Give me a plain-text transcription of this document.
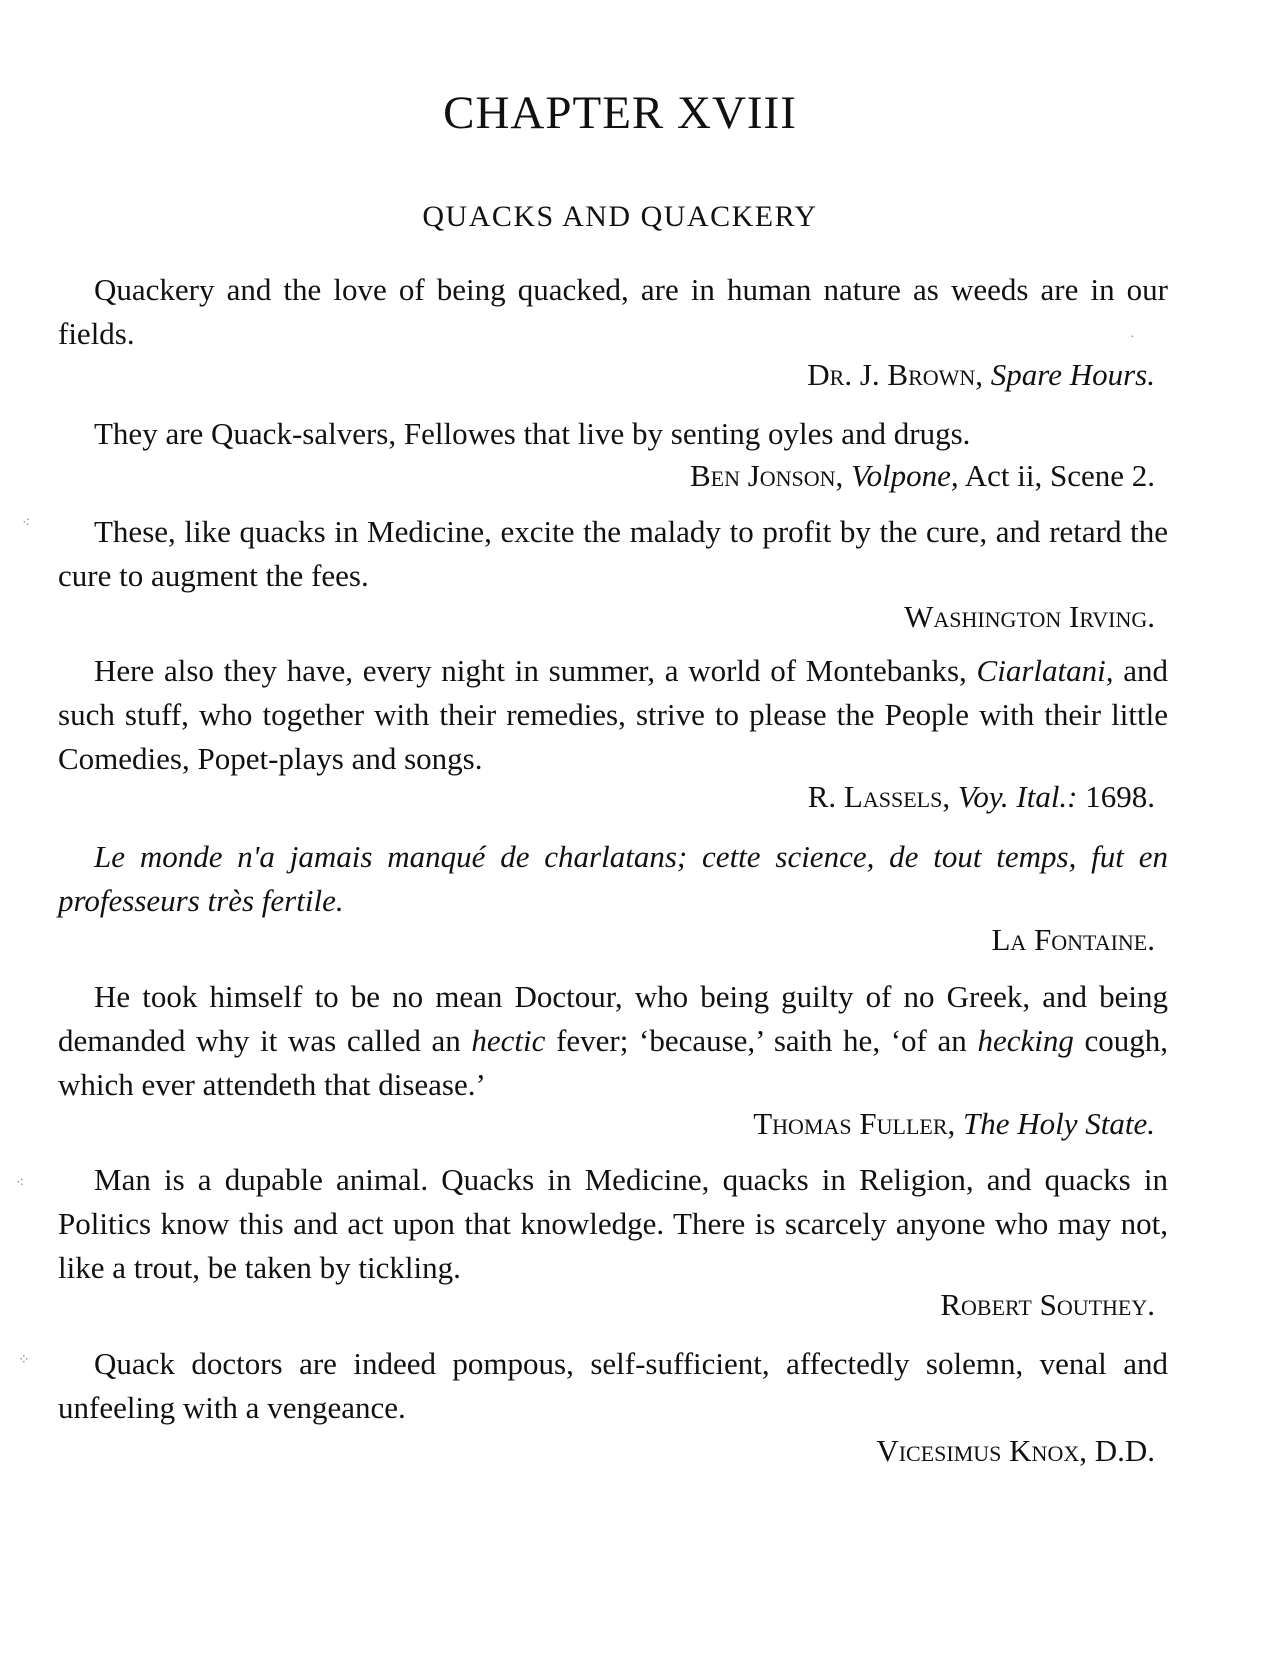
CHAPTER XVIII
QUACKS AND QUACKERY

Quackery and the love of being quacked, are in human nature as weeds are in our fields.

Dr. J. Brown, Spare Hours.

They are Quack-salvers, Fellowes that live by senting oyles and drugs.

Ben Jonson, Volpone, Act ii, Scene 2.

These, like quacks in Medicine, excite the malady to profit by the cure, and retard the cure to augment the fees.

Washington Irving.

Here also they have, every night in summer, a world of Montebanks, Ciarlatani, and such stuff, who together with their remedies, strive to please the People with their little Comedies, Popet-plays and songs.

R. Lassels, Voy. Ital.: 1698.

Le monde n'a jamais manqué de charlatans; cette science, de tout temps, fut en professeurs très fertile.

La Fontaine.

He took himself to be no mean Doctour, who being guilty of no Greek, and being demanded why it was called an hectic fever; ‘because,’ saith he, ‘of an hecking cough, which ever attendeth that disease.’

Thomas Fuller, The Holy State.

Man is a dupable animal. Quacks in Medicine, quacks in Religion, and quacks in Politics know this and act upon that knowledge. There is scarcely anyone who may not, like a trout, be taken by tickling.

Robert Southey.

Quack doctors are indeed pompous, self-sufficient, affectedly solemn, venal and unfeeling with a vengeance.

Vicesimus Knox, D.D.

⁖
⁖
⁘
·
